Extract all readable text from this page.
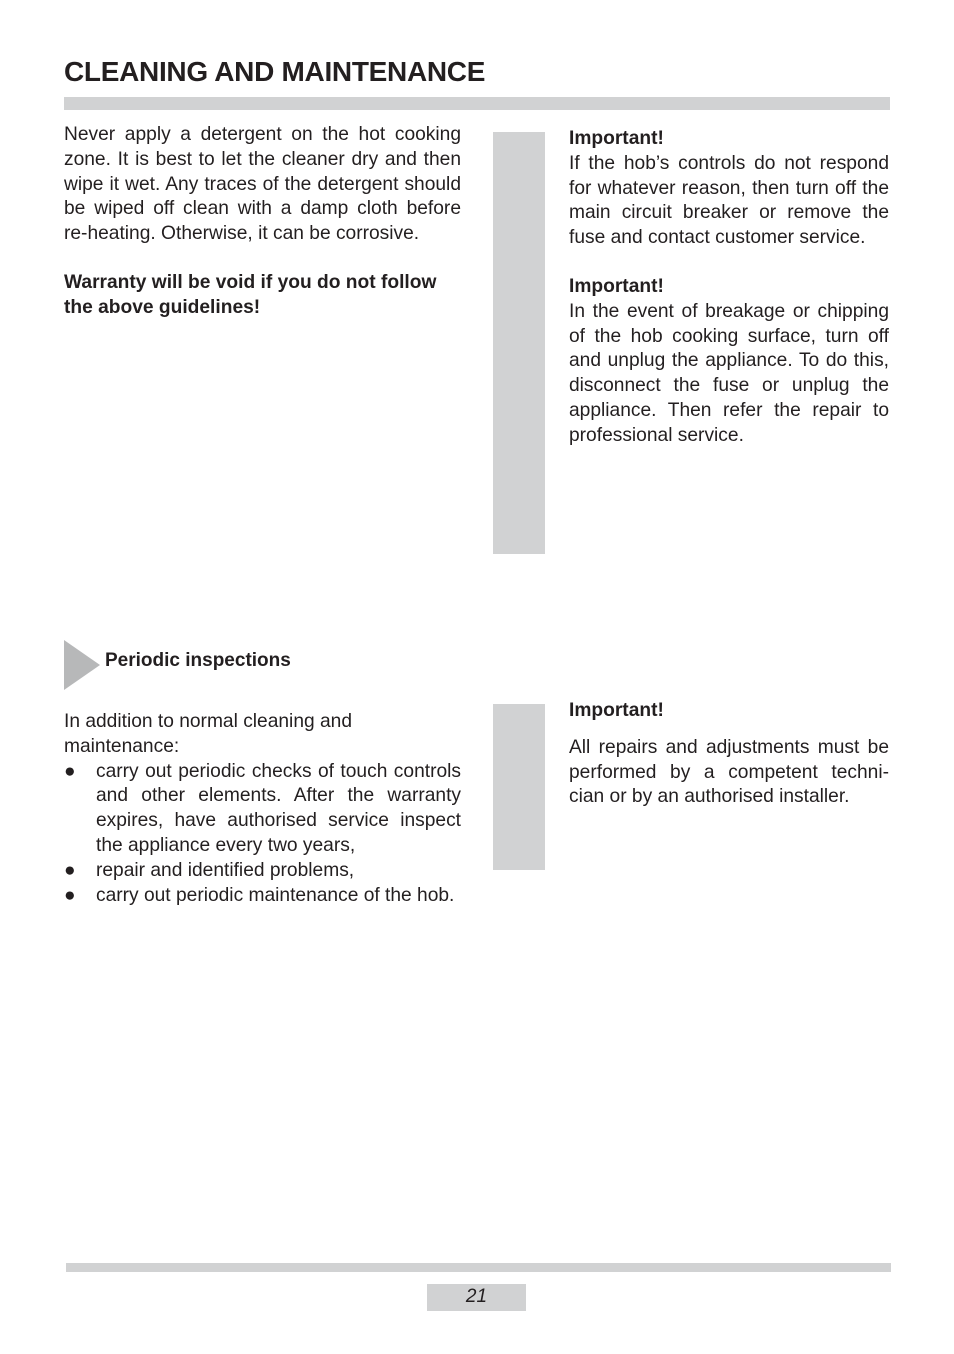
CLEANING AND MAINTENANCE

Never apply a detergent on the hot cooking zone. It is best to let the cleaner dry and then wipe it wet. Any traces of the detergent should be wiped off clean with a damp cloth before re-heating. Otherwise, it can be corrosive.

Warranty will be void if you do not follow the above guidelines!

Important!

If the hob’s controls do not respond for whatever reason, then turn off the main circuit breaker or remove the fuse and contact customer service.

Important!

In the event of breakage or chipping of the hob cooking surface, turn off and unplug the appliance. To do this, disconnect the fuse or unplug the appliance. Then refer the repair to professional service.

Periodic inspections

In addition to normal cleaning and maintenance:

● carry out periodic checks of touch controls and other elements. After the warranty expires, have authorised service inspect the appliance every two years,
● repair and identified problems,
● carry out periodic maintenance of the hob.

Important!

All repairs and adjustments must be performed by a competent techni-cian or by an authorised installer.

21
